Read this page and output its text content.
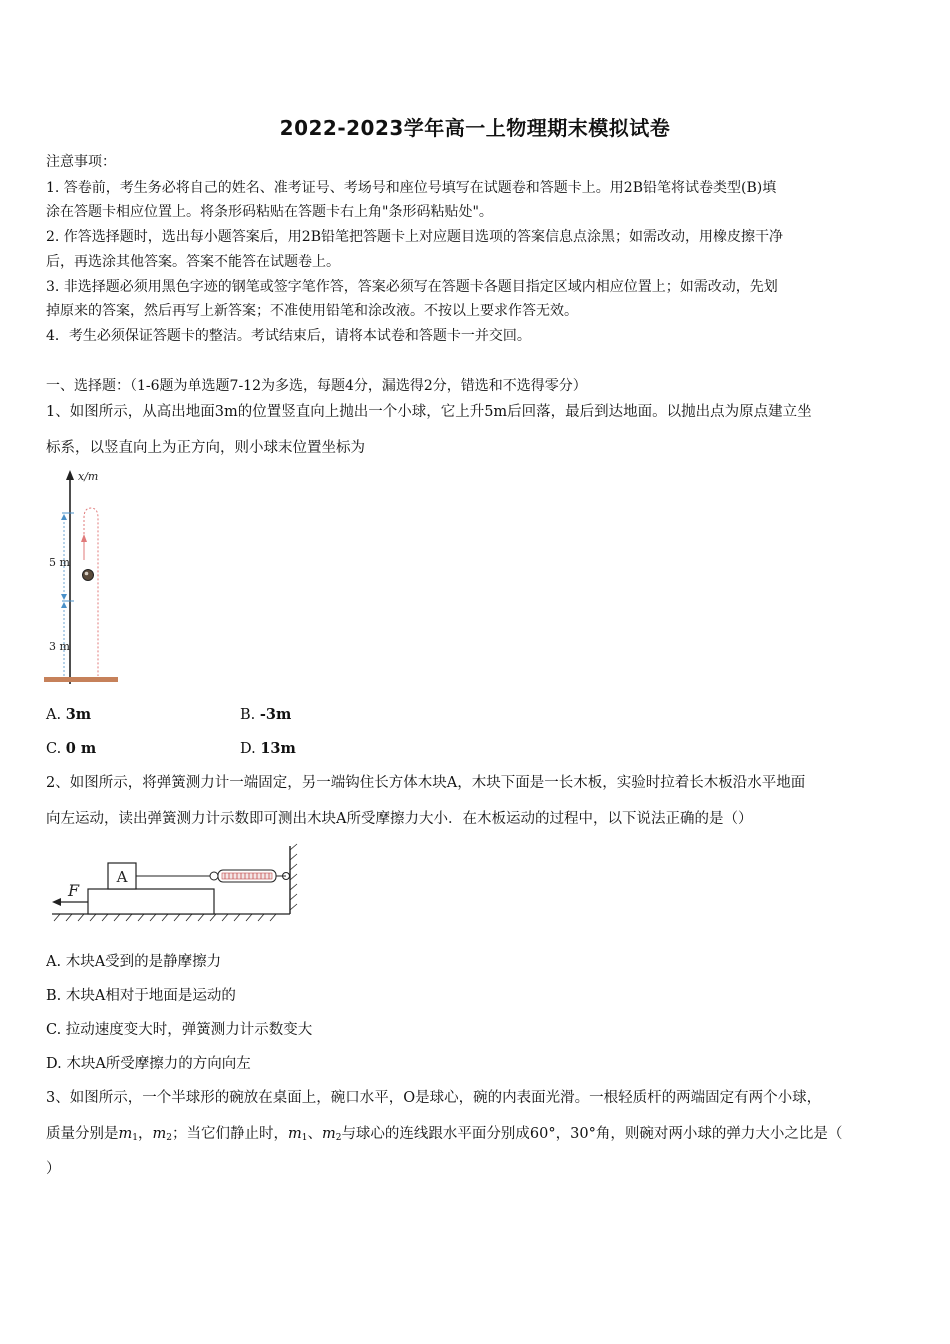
2022-2023学年高一上物理期末模拟试卷
注意事项：
1. 答卷前，考生务必将自己的姓名、准考证号、考场号和座位号填写在试题卷和答题卡上。用2B铅笔将试卷类型(B)填
涂在答题卡相应位置上。将条形码粘贴在答题卡右上角"条形码粘贴处"。
2. 作答选择题时，选出每小题答案后，用2B铅笔把答题卡上对应题目选项的答案信息点涂黑；如需改动，用橡皮擦干净
后，再选涂其他答案。答案不能答在试题卷上。
3. 非选择题必须用黑色字迹的钢笔或签字笔作答，答案必须写在答题卡各题目指定区域内相应位置上；如需改动，先划
掉原来的答案，然后再写上新答案；不准使用铅笔和涂改液。不按以上要求作答无效。
4．考生必须保证答题卡的整洁。考试结束后，请将本试卷和答题卡一并交回。
一、选择题：（1-6题为单选题7-12为多选，每题4分，漏选得2分，错选和不选得零分）
1、如图所示，从高出地面3m的位置竖直向上抛出一个小球，它上升5m后回落，最后到达地面。以抛出点为原点建立坐
标系，以竖直向上为正方向，则小球末位置坐标为
x/m
5 m
3 m
A. 3m	B. -3m
C. 0 m	D. 13m
2、如图所示，将弹簧测力计一端固定，另一端钩住长方体木块A，木块下面是一长木板，实验时拉着长木板沿水平地面
向左运动，读出弹簧测力计示数即可测出木块A所受摩擦力大小．在木板运动的过程中，以下说法正确的是（）
A
F
A. 木块A受到的是静摩擦力
B. 木块A相对于地面是运动的
C. 拉动速度变大时，弹簧测力计示数变大
D. 木块A所受摩擦力的方向向左
3、如图所示，一个半球形的碗放在桌面上，碗口水平，O是球心，碗的内表面光滑。一根轻质杆的两端固定有两个小球，
质量分别是$m_1$，$m_2$；当它们静止时，$m_1$、$m_2$与球心的连线跟水平面分别成60°，30°角，则碗对两小球的弹力大小之比是（
）
